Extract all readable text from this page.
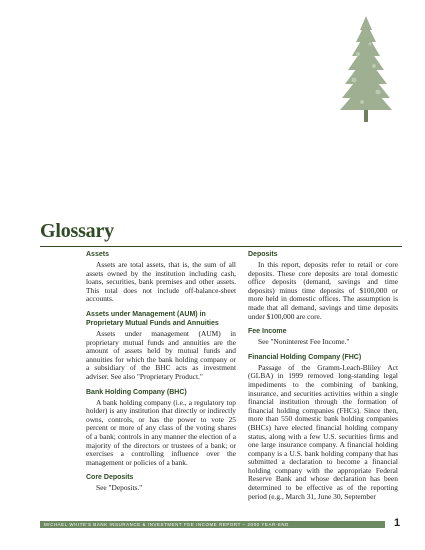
Glossary
Assets

Assets are total assets, that is, the sum of all assets owned by the institution including cash, loans, securities, bank premises and other assets. This total does not include off-balance-sheet accounts.

Assets under Management (AUM) in Proprietary Mutual Funds and Annuities

Assets under management (AUM) in proprietary mutual funds and annuities are the amount of assets held by mutual funds and annuities for which the bank holding company or a subsidiary of the BHC acts as investment adviser. See also "Proprietary Product."

Bank Holding Company (BHC)

A bank holding company (i.e., a regulatory top holder) is any institution that directly or indirectly owns, controls, or has the power to vote 25 percent or more of any class of the voting shares of a bank; controls in any manner the election of a majority of the directors or trustees of a bank; or exercises a controlling influence over the management or policies of a bank.

Core Deposits

See "Deposits."

Deposits

In this report, deposits refer to retail or core deposits. These core deposits are total domestic office deposits (demand, savings and time deposits) minus time deposits of $100,000 or more held in domestic offices. The assumption is made that all demand, savings and time deposits under $100,000 are core.

Fee Income

See "Noninterest Fee Income."

Financial Holding Company (FHC)

Passage of the Gramm-Leach-Bliley Act (GLBA) in 1999 removed long-standing legal impediments to the combining of banking, insurance, and securities activities within a single financial institution through the formation of financial holding companies (FHCs). Since then, more than 550 domestic bank holding companies (BHCs) have elected financial holding company status, along with a few U.S. securities firms and one large insurance company. A financial holding company is a U.S. bank holding company that has submitted a declaration to become a financial holding company with the appropriate Federal Reserve Bank and whose declaration has been determined to be effective as of the reporting period (e.g., March 31, June 30, September

MICHAEL WHITE'S BANK INSURANCE & INVESTMENT FEE INCOME REPORT – 2000 YEAR-END	1
